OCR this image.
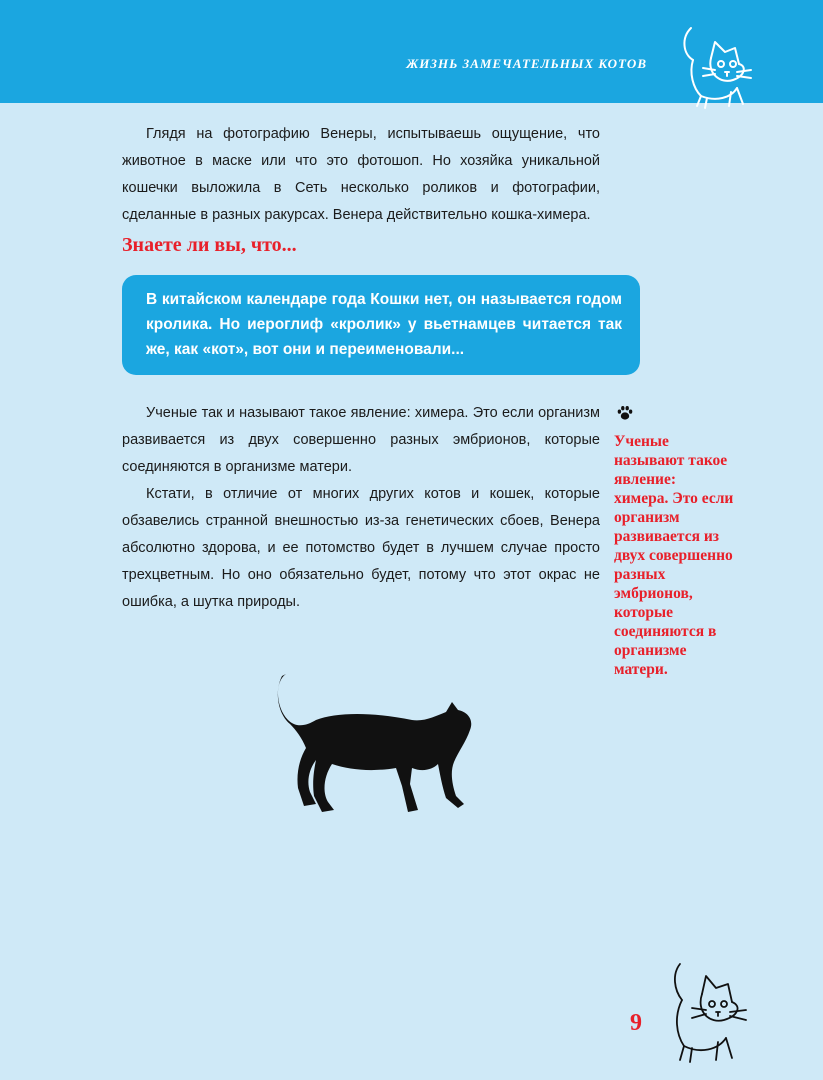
ЖИЗНЬ ЗАМЕЧАТЕЛЬНЫХ КОТОВ

Глядя на фотографию Венеры, испытываешь ощущение, что животное в маске или что это фотошоп. Но хозяйка уникальной кошечки выложила в Сеть несколько роликов и фотографии, сделанные в разных ракурсах. Венера действительно кошка-химера.

Знаете ли вы, что...

В китайском календаре года Кошки нет, он называется годом кролика. Но иероглиф «кролик» у вьетнамцев читается так же, как «кот», вот они и переименовали...

Ученые так и называют такое явление: химера. Это если организм развивается из двух совершенно разных эмбрионов, которые соединяются в организме матери.

Кстати, в отличие от многих других котов и кошек, которые обзавелись странной внешностью из-за генетических сбоев, Венера абсолютно здорова, и ее потомство будет в лучшем случае просто трехцветным. Но оно обязательно будет, потому что этот окрас не ошибка, а шутка природы.

Ученые называют такое явление: химера. Это если организм развивается из двух совершенно разных эмбрионов, которые соединяются в организме матери.

9
